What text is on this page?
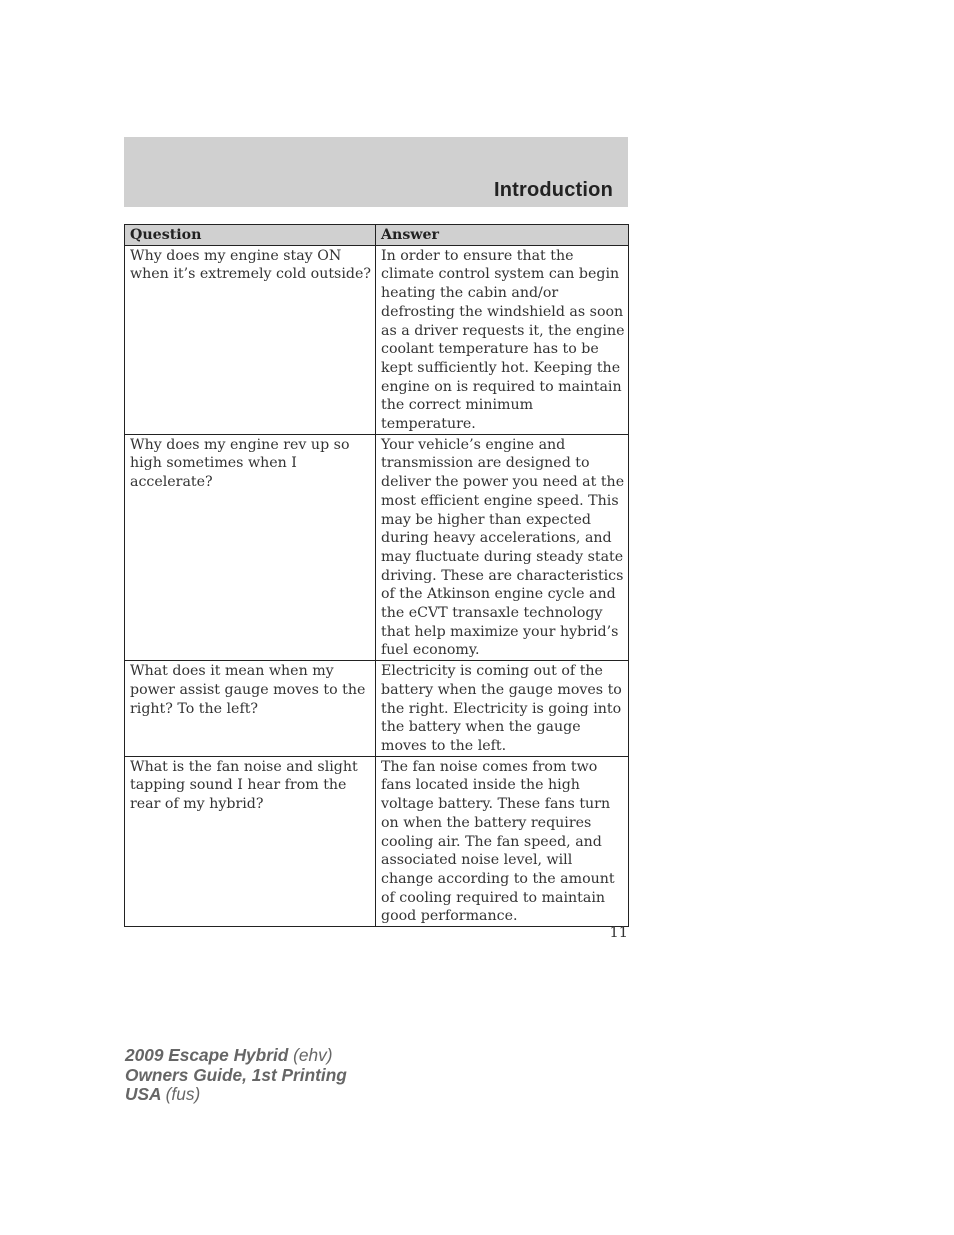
Introduction
Question	Answer
Why does my engine stay ON when it’s extremely cold outside?	In order to ensure that the climate control system can begin heating the cabin and/or defrosting the windshield as soon as a driver requests it, the engine coolant temperature has to be kept sufficiently hot. Keeping the engine on is required to maintain the correct minimum temperature.
Why does my engine rev up so high sometimes when I accelerate?	Your vehicle’s engine and transmission are designed to deliver the power you need at the most efficient engine speed. This may be higher than expected during heavy accelerations, and may fluctuate during steady state driving. These are characteristics of the Atkinson engine cycle and the eCVT transaxle technology that help maximize your hybrid’s fuel economy.
What does it mean when my power assist gauge moves to the right? To the left?	Electricity is coming out of the battery when the gauge moves to the right. Electricity is going into the battery when the gauge moves to the left.
What is the fan noise and slight tapping sound I hear from the rear of my hybrid?	The fan noise comes from two fans located inside the high voltage battery. These fans turn on when the battery requires cooling air. The fan speed, and associated noise level, will change according to the amount of cooling required to maintain good performance.
11
2009 Escape Hybrid (ehv)
Owners Guide, 1st Printing
USA (fus)
